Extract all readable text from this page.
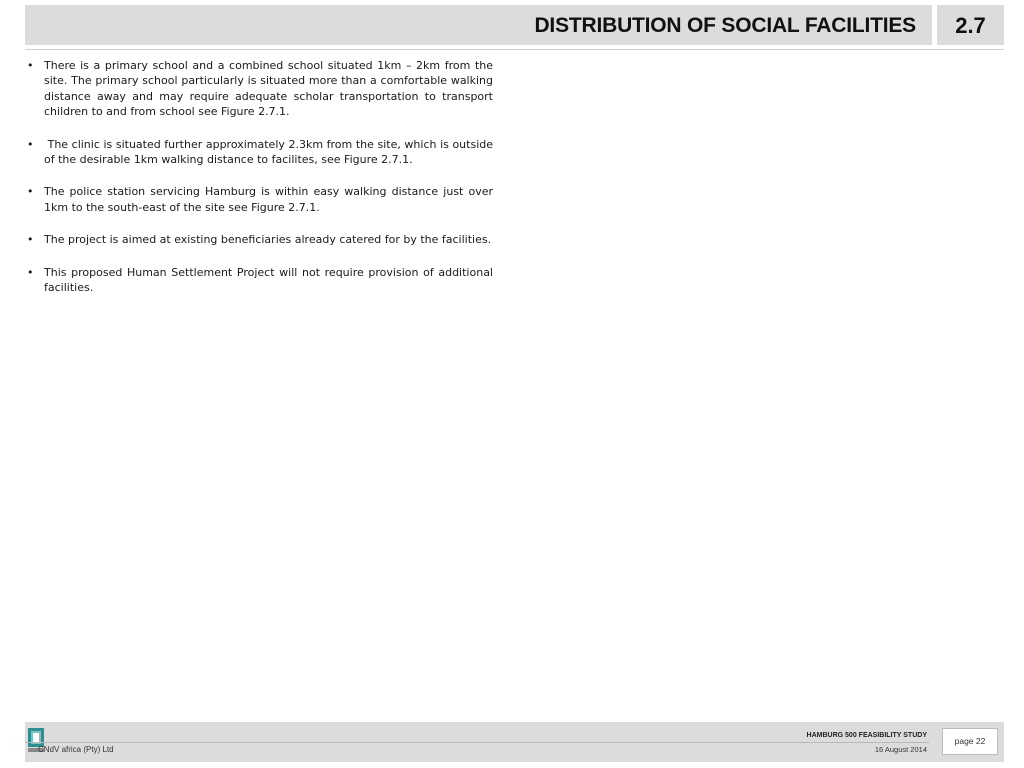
DISTRIBUTION OF SOCIAL FACILITIES	2.7
• There is a primary school and a combined school situated 1km – 2km from the site. The primary school particularly is situated more than a comfortable walking distance away and may require adequate scholar transportation to transport children to and from school see Figure 2.7.1.
• The clinic is situated further approximately 2.3km from the site, which is outside of the desirable 1km walking distance to facilites, see Figure 2.7.1.
• The police station servicing Hamburg is within easy walking distance just over 1km to the south-east of the site see Figure 2.7.1.
• The project is aimed at existing beneficiaries already catered for by the facilities.
• This proposed Human Settlement Project will not require provision of additional facilities.
CNdV africa (Pty) Ltd
HAMBURG 500 FEASIBILITY STUDY
16 August 2014
page 22
